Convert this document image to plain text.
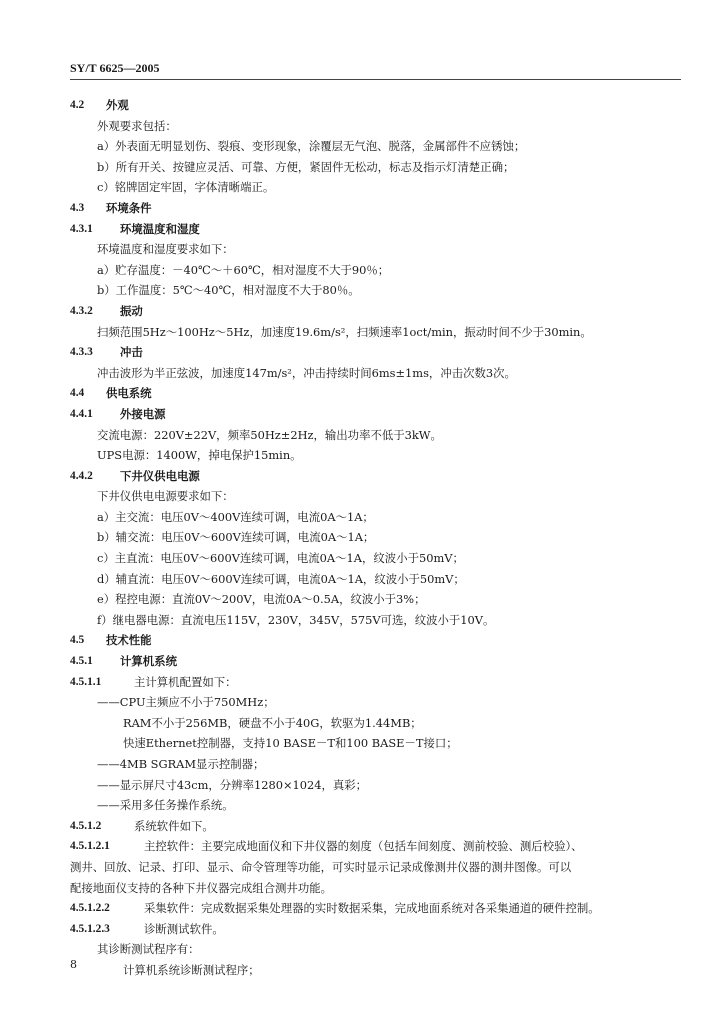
SY/T 6625—2005
4.2 外观
外观要求包括：
a）外表面无明显划伤、裂痕、变形现象，涂覆层无气泡、脱落，金属部件不应锈蚀；
b）所有开关、按键应灵活、可靠、方便，紧固件无松动，标志及指示灯清楚正确；
c）铭牌固定牢固，字体清晰端正。
4.3 环境条件
4.3.1 环境温度和湿度
环境温度和湿度要求如下：
a）贮存温度：－40℃～＋60℃，相对湿度不大于90％；
b）工作温度：5℃～40℃，相对湿度不大于80％。
4.3.2 振动
扫频范围5Hz～100Hz～5Hz，加速度19.6m/s²，扫频速率1oct/min，振动时间不少于30min。
4.3.3 冲击
冲击波形为半正弦波，加速度147m/s²，冲击持续时间6ms±1ms，冲击次数3次。
4.4 供电系统
4.4.1 外接电源
交流电源：220V±22V，频率50Hz±2Hz，输出功率不低于3kW。
UPS电源：1400W，掉电保护15min。
4.4.2 下井仪供电电源
下井仪供电电源要求如下：
a）主交流：电压0V～400V连续可调，电流0A～1A；
b）辅交流：电压0V～600V连续可调，电流0A～1A；
c）主直流：电压0V～600V连续可调，电流0A～1A，纹波小于50mV；
d）辅直流：电压0V～600V连续可调，电流0A～1A，纹波小于50mV；
e）程控电源：直流0V～200V，电流0A～0.5A，纹波小于3%；
f）继电器电源：直流电压115V，230V，345V，575V可选，纹波小于10V。
4.5 技术性能
4.5.1 计算机系统
4.5.1.1	主计算机配置如下：
——CPU主频应不小于750MHz；
RAM不小于256MB，硬盘不小于40G，软驱为1.44MB；
快速Ethernet控制器，支持10 BASE－T和100 BASE－T接口；
——4MB SGRAM显示控制器；
——显示屏尺寸43cm，分辨率1280×1024，真彩；
——采用多任务操作系统。
4.5.1.2	系统软件如下。
4.5.1.2.1	主控软件：主要完成地面仪和下井仪器的刻度（包括车间刻度、测前校验、测后校验）、
测井、回放、记录、打印、显示、命令管理等功能，可实时显示记录成像测井仪器的测井图像。可以
配接地面仪支持的各种下井仪器完成组合测井功能。
4.5.1.2.2	采集软件：完成数据采集处理器的实时数据采集，完成地面系统对各采集通道的硬件控制。
4.5.1.2.3	诊断测试软件。
其诊断测试程序有：
计算机系统诊断测试程序；
8
